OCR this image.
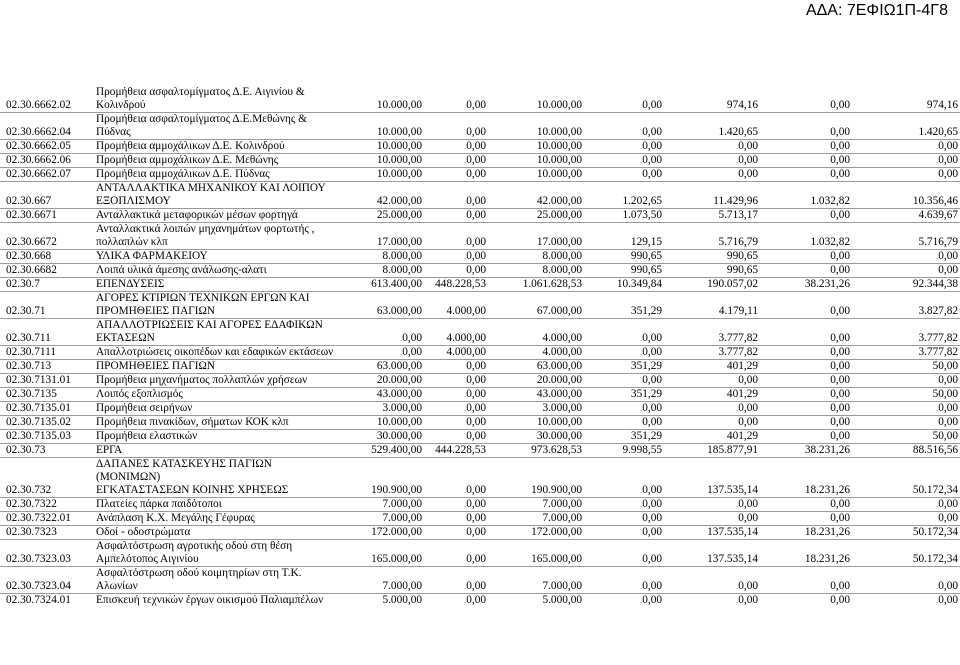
ΑΔΑ: 7ΕΦΙΩ1Π-4Γ8
02.30.6662.02	Προμήθεια ασφαλτομίγματος Δ.Ε. Αιγινίου &
Κολινδρού	10.000,00	0,00	10.000,00	0,00	974,16	0,00	974,16
02.30.6662.04	Προμήθεια ασφαλτομίγματος Δ.Ε.Μεθώνης &
Πύδνας	10.000,00	0,00	10.000,00	0,00	1.420,65	0,00	1.420,65
02.30.6662.05	Προμήθεια αμμοχάλικων Δ.Ε. Κολινδρού	10.000,00	0,00	10.000,00	0,00	0,00	0,00	0,00
02.30.6662.06	Προμήθεια αμμοχάλικων Δ.Ε. Μεθώνης	10.000,00	0,00	10.000,00	0,00	0,00	0,00	0,00
02.30.6662.07	Προμήθεια αμμοχάλικων Δ.Ε. Πύδνας	10.000,00	0,00	10.000,00	0,00	0,00	0,00	0,00
02.30.667	ΑΝΤΑΛΛΑΚΤΙΚΑ ΜΗΧΑΝΙΚΟΥ ΚΑΙ ΛΟΙΠΟΥ
ΕΞΟΠΛΙΣΜΟΥ	42.000,00	0,00	42.000,00	1.202,65	11.429,96	1.032,82	10.356,46
02.30.6671	Ανταλλακτικά μεταφορικών μέσων φορτηγά	25.000,00	0,00	25.000,00	1.073,50	5.713,17	0,00	4.639,67
02.30.6672	Ανταλλακτικά λοιπών μηχανημάτων φορτωτής ,
πολλαπλών κλπ	17.000,00	0,00	17.000,00	129,15	5.716,79	1.032,82	5.716,79
02.30.668	ΥΛΙΚΑ ΦΑΡΜΑΚΕΙΟΥ	8.000,00	0,00	8.000,00	990,65	990,65	0,00	0,00
02.30.6682	Λοιπά υλικά άμεσης ανάλωσης-αλατι	8.000,00	0,00	8.000,00	990,65	990,65	0,00	0,00
02.30.7	ΕΠΕΝΔΥΣΕΙΣ	613.400,00	448.228,53	1.061.628,53	10.349,84	190.057,02	38.231,26	92.344,38
02.30.71	ΑΓΟΡΕΣ ΚΤΙΡΙΩΝ ΤΕΧΝΙΚΩΝ ΕΡΓΩΝ ΚΑΙ
ΠΡΟΜΗΘΕΙΕΣ ΠΑΓΙΩΝ	63.000,00	4.000,00	67.000,00	351,29	4.179,11	0,00	3.827,82
02.30.711	ΑΠΑΛΛΟΤΡΙΩΣΕΙΣ ΚΑΙ ΑΓΟΡΕΣ ΕΔΑΦΙΚΩΝ
ΕΚΤΑΣΕΩΝ	0,00	4.000,00	4.000,00	0,00	3.777,82	0,00	3.777,82
02.30.7111	Απαλλοτριώσεις οικοπέδων και εδαφικών εκτάσεων	0,00	4.000,00	4.000,00	0,00	3.777,82	0,00	3.777,82
02.30.713	ΠΡΟΜΗΘΕΙΕΣ ΠΑΓΙΩΝ	63.000,00	0,00	63.000,00	351,29	401,29	0,00	50,00
02.30.7131.01	Προμήθεια μηχανήματος πολλαπλών χρήσεων	20.000,00	0,00	20.000,00	0,00	0,00	0,00	0,00
02.30.7135	Λοιπός εξοπλισμός	43.000,00	0,00	43.000,00	351,29	401,29	0,00	50,00
02.30.7135.01	Προμήθεια σειρήνων	3.000,00	0,00	3.000,00	0,00	0,00	0,00	0,00
02.30.7135.02	Προμήθεια πινακίδων, σήματων ΚΟΚ κλπ	10.000,00	0,00	10.000,00	0,00	0,00	0,00	0,00
02.30.7135.03	Προμήθεια ελαστικών	30.000,00	0,00	30.000,00	351,29	401,29	0,00	50,00
02.30.73	ΕΡΓΑ	529.400,00	444.228,53	973.628,53	9.998,55	185.877,91	38.231,26	88.516,56
02.30.732	ΔΑΠΑΝΕΣ ΚΑΤΑΣΚΕΥΗΣ ΠΑΓΙΩΝ (ΜΟΝΙΜΩΝ)
ΕΓΚΑΤΑΣΤΑΣΕΩΝ ΚΟΙΝΗΣ ΧΡΗΣΕΩΣ	190.900,00	0,00	190.900,00	0,00	137.535,14	18.231,26	50.172,34
02.30.7322	Πλατείες πάρκα παιδότοποι	7.000,00	0,00	7.000,00	0,00	0,00	0,00	0,00
02.30.7322.01	Ανάπλαση Κ.Χ. Μεγάλης Γέφυρας	7.000,00	0,00	7.000,00	0,00	0,00	0,00	0,00
02.30.7323	Οδοί - οδοστρώματα	172.000,00	0,00	172.000,00	0,00	137.535,14	18.231,26	50.172,34
02.30.7323.03	Ασφαλτόστρωση αγροτικής οδού στη θέση
Αμπελότοπος Αιγινίου	165.000,00	0,00	165.000,00	0,00	137.535,14	18.231,26	50.172,34
02.30.7323.04	Ασφαλτόστρωση οδού κοιμητηρίων στη Τ.Κ.
Αλωνίων	7.000,00	0,00	7.000,00	0,00	0,00	0,00	0,00
02.30.7324.01	Επισκευή τεχνικών έργων οικισμού Παλιαμπέλων	5.000,00	0,00	5.000,00	0,00	0,00	0,00	0,00
